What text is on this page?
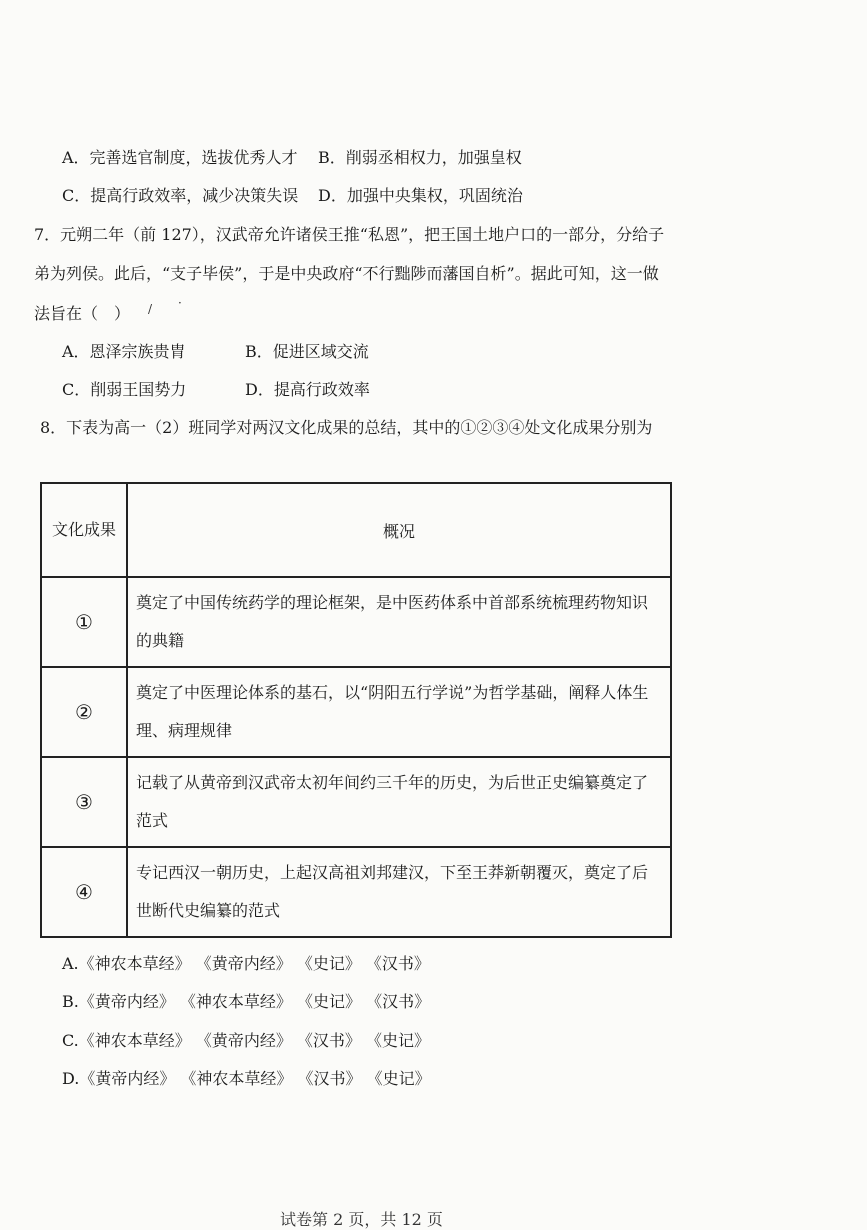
A．完善选官制度，选拔优秀人才 B．削弱丞相权力，加强皇权
C．提高行政效率，减少决策失误 D．加强中央集权，巩固统治
7．元朔二年（前 127），汉武帝允许诸侯王推“私恩”，把王国土地户口的一部分，分给子
弟为列侯。此后，“支子毕侯”，于是中央政府“不行黜陟而藩国自析”。据此可知，这一做
法旨在（　） / ·
A．恩泽宗族贵胄	B．促进区域交流
C．削弱王国势力	D．提高行政效率
8．下表为高一（2）班同学对两汉文化成果的总结，其中的①②③④处文化成果分别为
文化成果	概况
①	奠定了中国传统药学的理论框架，是中医药体系中首部系统梳理药物知识的典籍
②	奠定了中医理论体系的基石，以“阴阳五行学说”为哲学基础，阐释人体生理、病理规律
③	记载了从黄帝到汉武帝太初年间约三千年的历史，为后世正史编纂奠定了范式
④	专记西汉一朝历史，上起汉高祖刘邦建汉，下至王莽新朝覆灭，奠定了后世断代史编纂的范式
A.《神农本草经》 《黄帝内经》 《史记》 《汉书》
B.《黄帝内经》 《神农本草经》 《史记》 《汉书》
C.《神农本草经》 《黄帝内经》 《汉书》 《史记》
D.《黄帝内经》 《神农本草经》 《汉书》 《史记》
试卷第 2 页，共 12 页
